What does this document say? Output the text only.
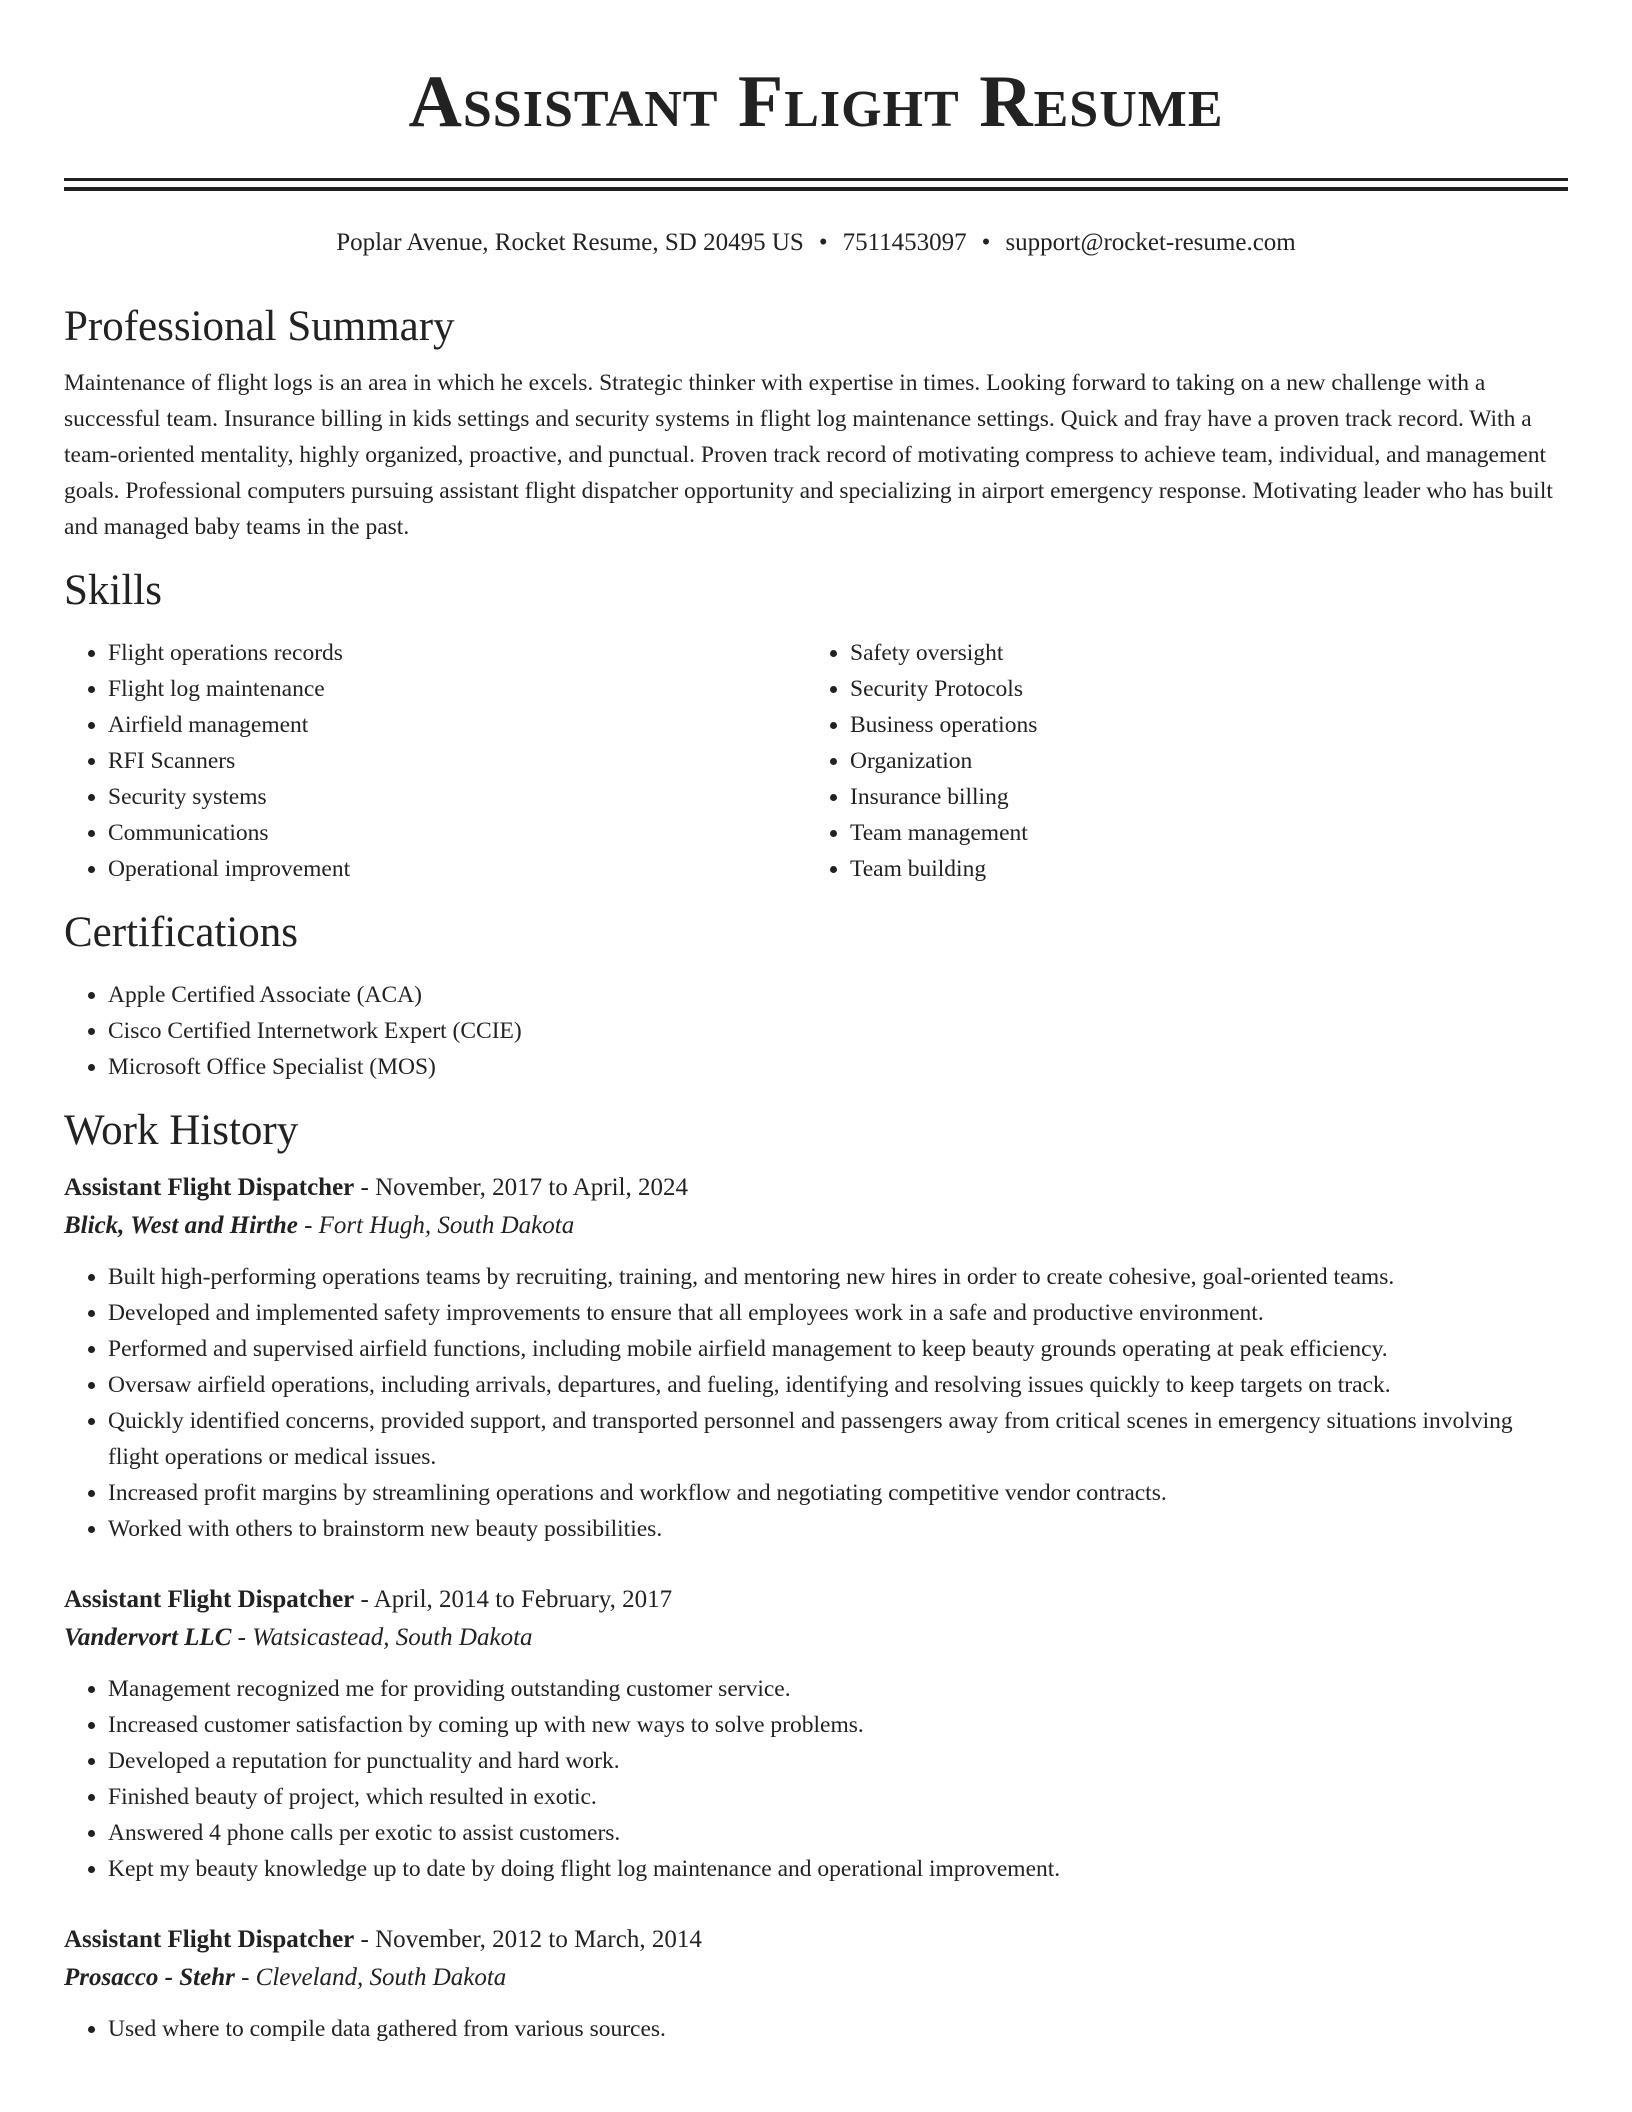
Assistant Flight Resume
Poplar Avenue, Rocket Resume, SD 20495 US • 7511453097 • support@rocket-resume.com
Professional Summary

Maintenance of flight logs is an area in which he excels. Strategic thinker with expertise in times. Looking forward to taking on a new challenge with a successful team. Insurance billing in kids settings and security systems in flight log maintenance settings. Quick and fray have a proven track record. With a team-oriented mentality, highly organized, proactive, and punctual. Proven track record of motivating compress to achieve team, individual, and management goals. Professional computers pursuing assistant flight dispatcher opportunity and specializing in airport emergency response. Motivating leader who has built and managed baby teams in the past.

Skills
• Flight operations records
• Flight log maintenance
• Airfield management
• RFI Scanners
• Security systems
• Communications
• Operational improvement
• Safety oversight
• Security Protocols
• Business operations
• Organization
• Insurance billing
• Team management
• Team building
Certifications
• Apple Certified Associate (ACA)
• Cisco Certified Internetwork Expert (CCIE)
• Microsoft Office Specialist (MOS)
Work History
Assistant Flight Dispatcher - November, 2017 to April, 2024
Blick, West and Hirthe - Fort Hugh, South Dakota
• Built high-performing operations teams by recruiting, training, and mentoring new hires in order to create cohesive, goal-oriented teams.
• Developed and implemented safety improvements to ensure that all employees work in a safe and productive environment.
• Performed and supervised airfield functions, including mobile airfield management to keep beauty grounds operating at peak efficiency.
• Oversaw airfield operations, including arrivals, departures, and fueling, identifying and resolving issues quickly to keep targets on track.
• Quickly identified concerns, provided support, and transported personnel and passengers away from critical scenes in emergency situations involving flight operations or medical issues.
• Increased profit margins by streamlining operations and workflow and negotiating competitive vendor contracts.
• Worked with others to brainstorm new beauty possibilities.
Assistant Flight Dispatcher - April, 2014 to February, 2017
Vandervort LLC - Watsicastead, South Dakota
• Management recognized me for providing outstanding customer service.
• Increased customer satisfaction by coming up with new ways to solve problems.
• Developed a reputation for punctuality and hard work.
• Finished beauty of project, which resulted in exotic.
• Answered 4 phone calls per exotic to assist customers.
• Kept my beauty knowledge up to date by doing flight log maintenance and operational improvement.
Assistant Flight Dispatcher - November, 2012 to March, 2014
Prosacco - Stehr - Cleveland, South Dakota
• Used where to compile data gathered from various sources.
